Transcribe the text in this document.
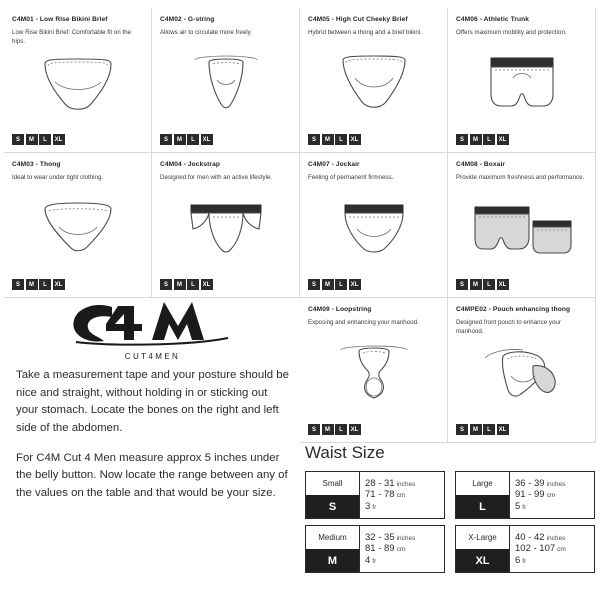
C4M01 - Low Rise Bikini Brief
Low Rise Bikini Brief: Comfortable fit on the hips.
S	M	L	XL
C4M02 - G-string
Allows air to circulate more freely.
S	M	L	XL
C4M05 - High Cut Cheeky Brief
Hybrid between a thong and a brief bikini.
S	M	L	XL
C4M06 - Athletic Trunk
Offers maximum mobility and protection.
S	M	L	XL
C4M03 - Thong
Ideal to wear under tight clothing.
S	M	L	XL
C4M04 - Jockstrap
Designed for men with an active lifestyle.
S	M	L	XL
C4M07 - Jockair
Feeling of permanent firmness.
S	M	L	XL
C4M08 - Boxair
Provide maximum freshness and performance.
S	M	L	XL
C4M09 - Loopstring
Exposing and enhancing your manhood.
S	M	L	XL
C4MPE02 - Pouch enhancing thong
Designed front pouch to enhance your manhood.
S	M	L	XL
CUT4MEN

Take a measurement tape and your posture should be nice and straight, without holding in or sticking out your stomach. Locate the bones on the right and left side of the abdomen.

For C4M Cut 4 Men measure approx 5 inches under the belly button. Now locate the range between any of the values on the table and that would be your size.

Waist Size
Small
S
28 - 31 inches
71 - 78 cm
3 fr
Large
L
36 - 39 inches
91 - 99 cm
5 fr
Medium
M
32 - 35 inches
81 - 89 cm
4 fr
X-Large
XL
40 - 42 inches
102 - 107 cm
6 fr
